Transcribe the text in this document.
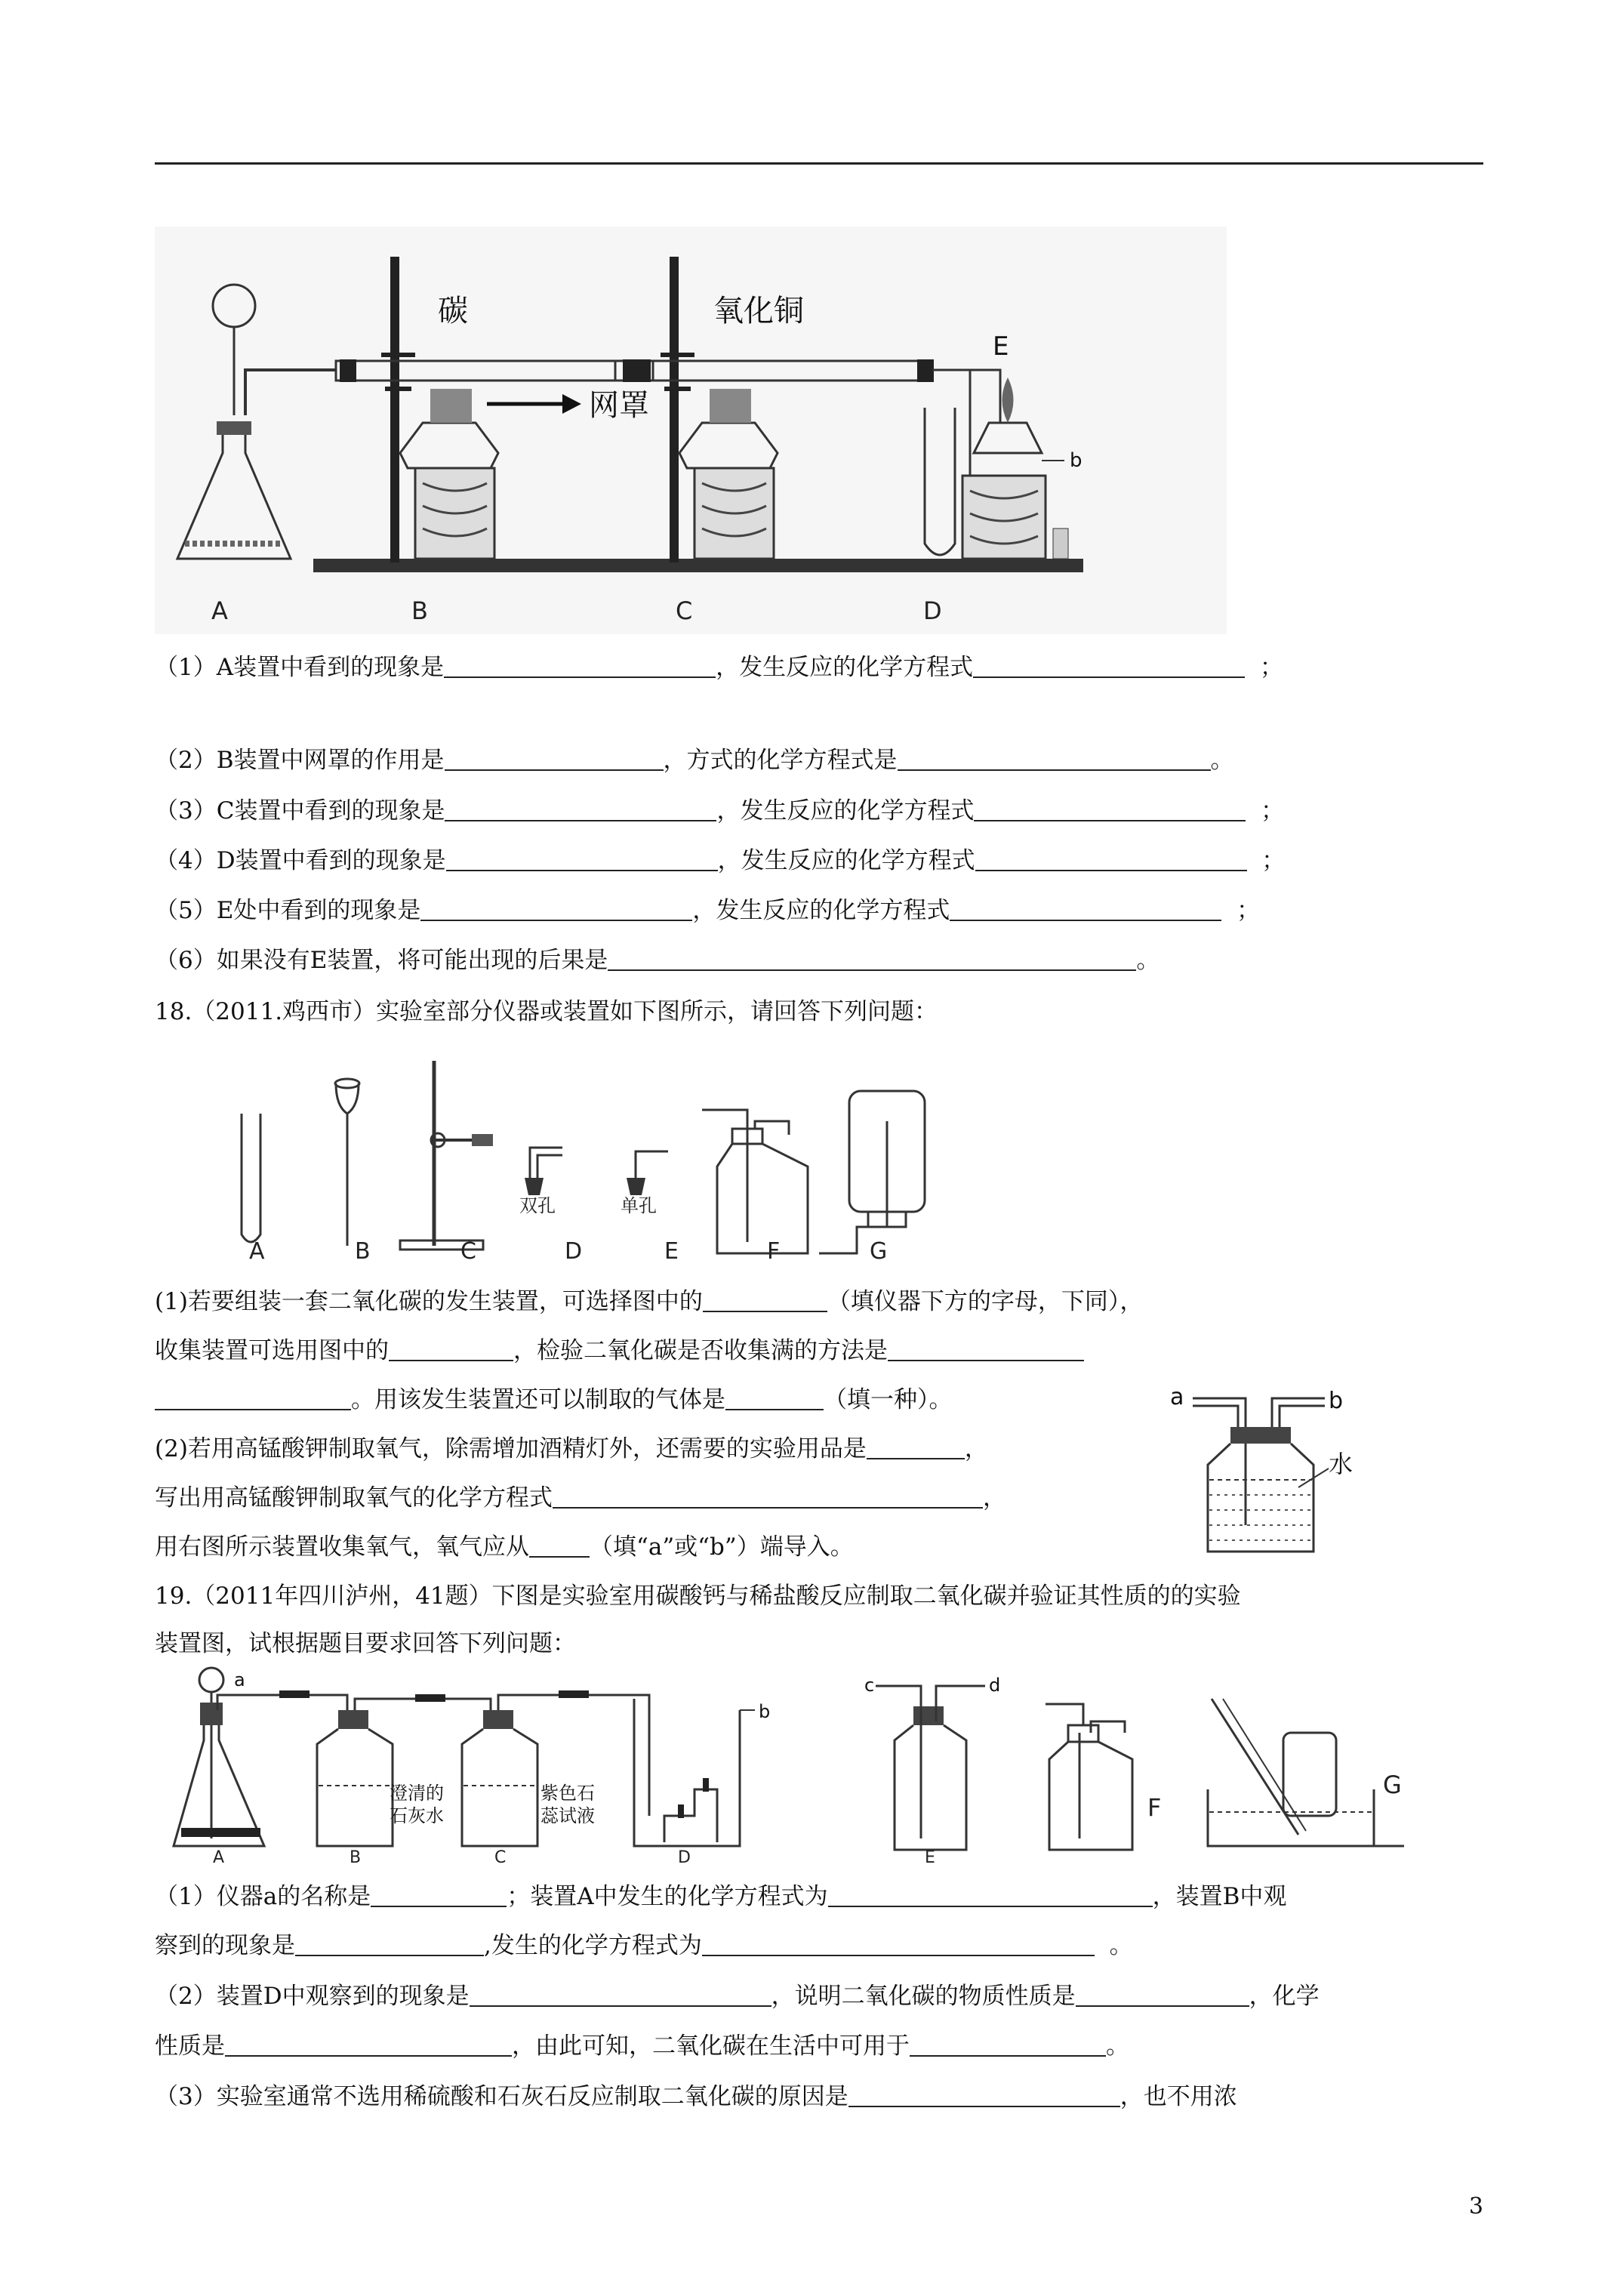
碳	氧化铜
网罩
E
b
A	B	C	D
（1）A装置中看到的现象是	，发生反应的化学方程式	；
（2）B装置中网罩的作用是	，方式的化学方程式是	。
（3）C装置中看到的现象是	，发生反应的化学方程式	；
（4）D装置中看到的现象是	，发生反应的化学方程式	；
（5）E处中看到的现象是	，发生反应的化学方程式	；
（6）如果没有E装置，将可能出现的后果是	。
18.（2011.鸡西市）实验室部分仪器或装置如下图所示，请回答下列问题：
双孔	单孔
A	B	C	D	E	F	G
(1)若要组装一套二氧化碳的发生装置，可选择图中的	（填仪器下方的字母，下同），
收集装置可选用图中的	，检验二氧化碳是否收集满的方法是
。用该发生装置还可以制取的气体是	（填一种）。
(2)若用高锰酸钾制取氧气，除需增加酒精灯外，还需要的实验用品是	，
写出用高锰酸钾制取氧气的化学方程式	，
用右图所示装置收集氧气，氧气应从	（填“a”或“b”）端导入。
a	b
水
19.（2011年四川泸州，41题）下图是实验室用碳酸钙与稀盐酸反应制取二氧化碳并验证其性质的的实验
装置图，试根据题目要求回答下列问题：
a
b
c	d
澄清的
石灰水
紫色石
蕊试液
A	B	C	D	E
F
G
（1）仪器a的名称是	；装置A中发生的化学方程式为	，装置B中观
察到的现象是	,发生的化学方程式为	。
（2）装置D中观察到的现象是	，说明二氧化碳的物质性质是	，化学
性质是	，由此可知，二氧化碳在生活中可用于	。
（3）实验室通常不选用稀硫酸和石灰石反应制取二氧化碳的原因是	，也不用浓
3
